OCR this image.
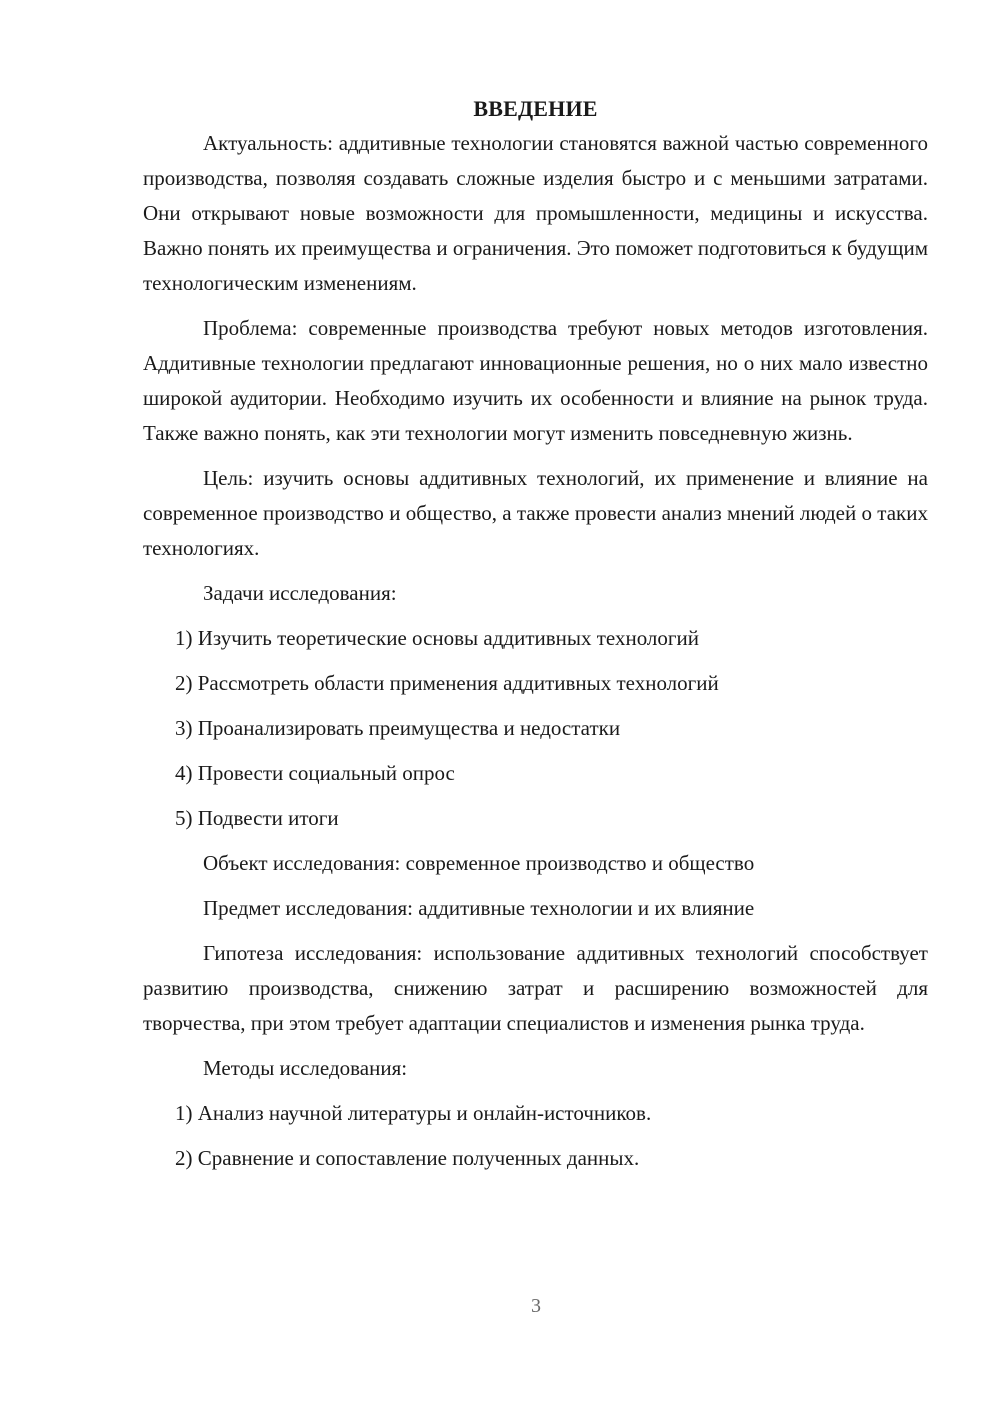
ВВЕДЕНИЕ

Актуальность: аддитивные технологии становятся важной частью современного производства, позволяя создавать сложные изделия быстро и с меньшими затратами. Они открывают новые возможности для промышленности, медицины и искусства. Важно понять их преимущества и ограничения. Это поможет подготовиться к будущим технологическим изменениям.

Проблема: современные производства требуют новых методов изготовления. Аддитивные технологии предлагают инновационные решения, но о них мало известно широкой аудитории. Необходимо изучить их особенности и влияние на рынок труда. Также важно понять, как эти технологии могут изменить повседневную жизнь.

Цель: изучить основы аддитивных технологий, их применение и влияние на современное производство и общество, а также провести анализ мнений людей о таких технологиях.

Задачи исследования:

1) Изучить теоретические основы аддитивных технологий

2) Рассмотреть области применения аддитивных технологий

3) Проанализировать преимущества и недостатки

4) Провести социальный опрос

5) Подвести итоги

Объект исследования: современное производство и общество

Предмет исследования: аддитивные технологии и их влияние

Гипотеза исследования: использование аддитивных технологий способствует развитию производства, снижению затрат и расширению возможностей для творчества, при этом требует адаптации специалистов и изменения рынка труда.

Методы исследования:

1) Анализ научной литературы и онлайн-источников.

2) Сравнение и сопоставление полученных данных.

3
